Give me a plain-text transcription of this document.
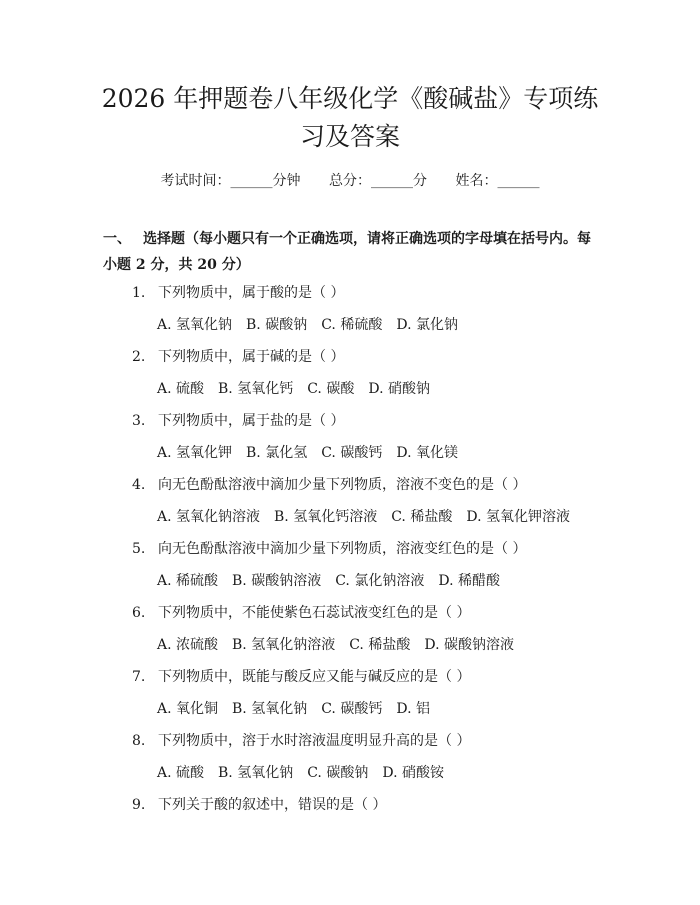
2026 年押题卷八年级化学《酸碱盐》专项练
习及答案
考试时间：______分钟 总分：______分 姓名：______
一、 选择题（每小题只有一个正确选项，请将正确选项的字母填在括号内。每小题 2 分，共 20 分）
1. 下列物质中，属于酸的是（ ）
A. 氢氧化钠 B. 碳酸钠 C. 稀硫酸 D. 氯化钠
2. 下列物质中，属于碱的是（ ）
A. 硫酸 B. 氢氧化钙 C. 碳酸 D. 硝酸钠
3. 下列物质中，属于盐的是（ ）
A. 氢氧化钾 B. 氯化氢 C. 碳酸钙 D. 氧化镁
4. 向无色酚酞溶液中滴加少量下列物质，溶液不变色的是（ ）
A. 氢氧化钠溶液 B. 氢氧化钙溶液 C. 稀盐酸 D. 氢氧化钾溶液
5. 向无色酚酞溶液中滴加少量下列物质，溶液变红色的是（ ）
A. 稀硫酸 B. 碳酸钠溶液 C. 氯化钠溶液 D. 稀醋酸
6. 下列物质中，不能使紫色石蕊试液变红色的是（ ）
A. 浓硫酸 B. 氢氧化钠溶液 C. 稀盐酸 D. 碳酸钠溶液
7. 下列物质中，既能与酸反应又能与碱反应的是（ ）
A. 氧化铜 B. 氢氧化钠 C. 碳酸钙 D. 铝
8. 下列物质中，溶于水时溶液温度明显升高的是（ ）
A. 硫酸 B. 氢氧化钠 C. 碳酸钠 D. 硝酸铵
9. 下列关于酸的叙述中，错误的是（ ）
